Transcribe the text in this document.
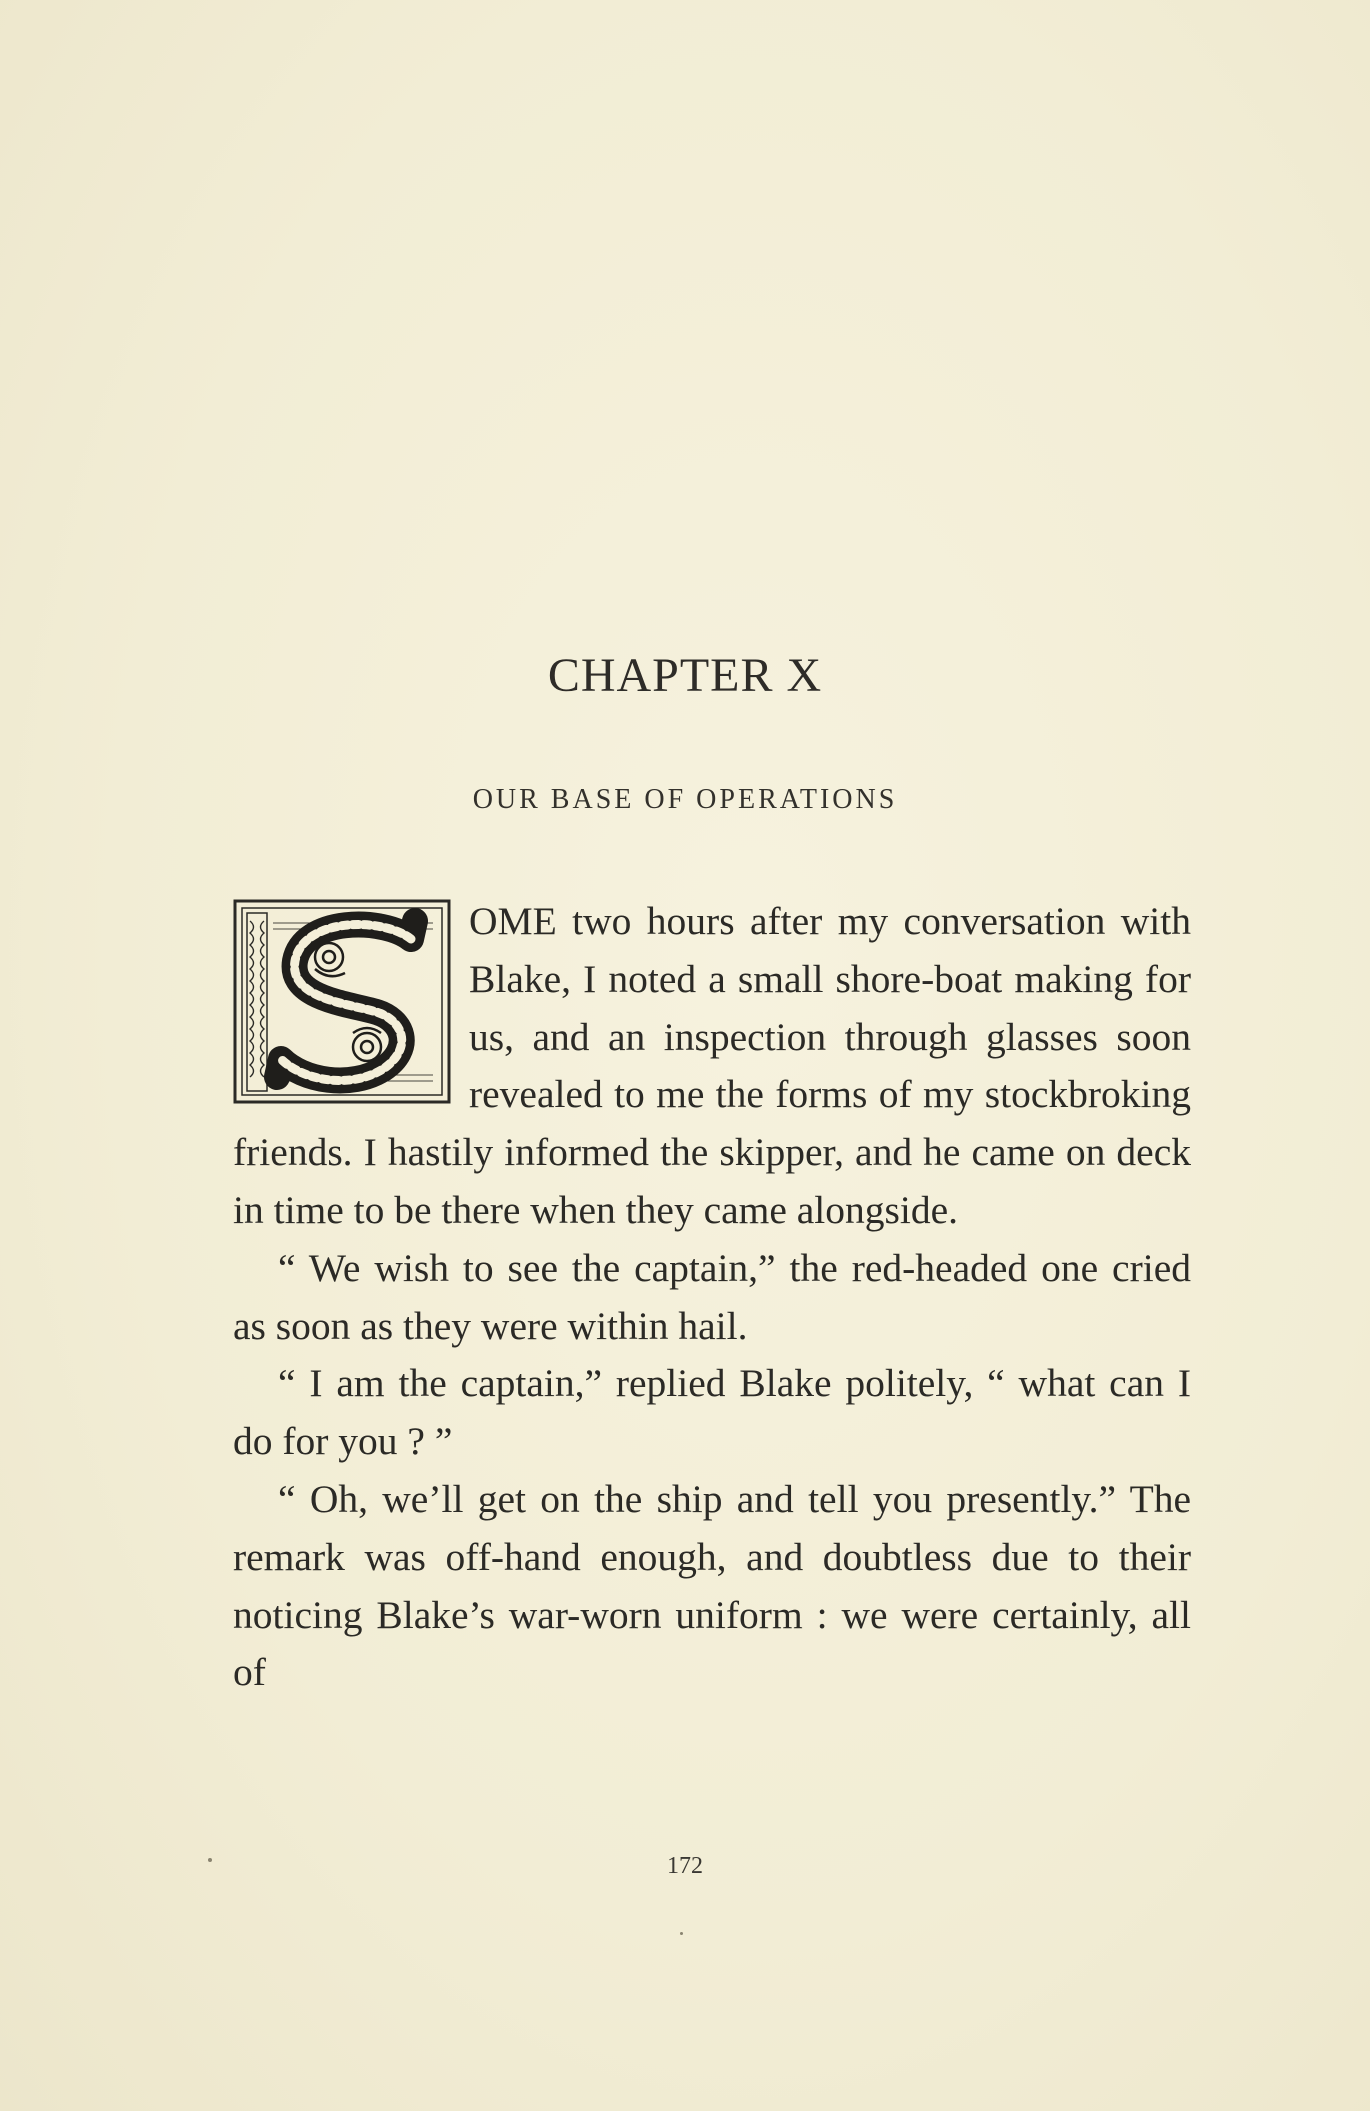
CHAPTER X
OUR BASE OF OPERATIONS

OME two hours after my conversation with Blake, I noted a small shore-boat making for us, and an inspection through glasses soon revealed to me the forms of my stockbroking friends. I hastily informed the skipper, and he came on deck in time to be there when they came alongside.

“ We wish to see the captain,” the red-headed one cried as soon as they were within hail.

“ I am the captain,” replied Blake politely, “ what can I do for you ? ”

“ Oh, we’ll get on the ship and tell you presently.” The remark was off-hand enough, and doubtless due to their noticing Blake’s war-worn uniform : we were certainly, all of

172
